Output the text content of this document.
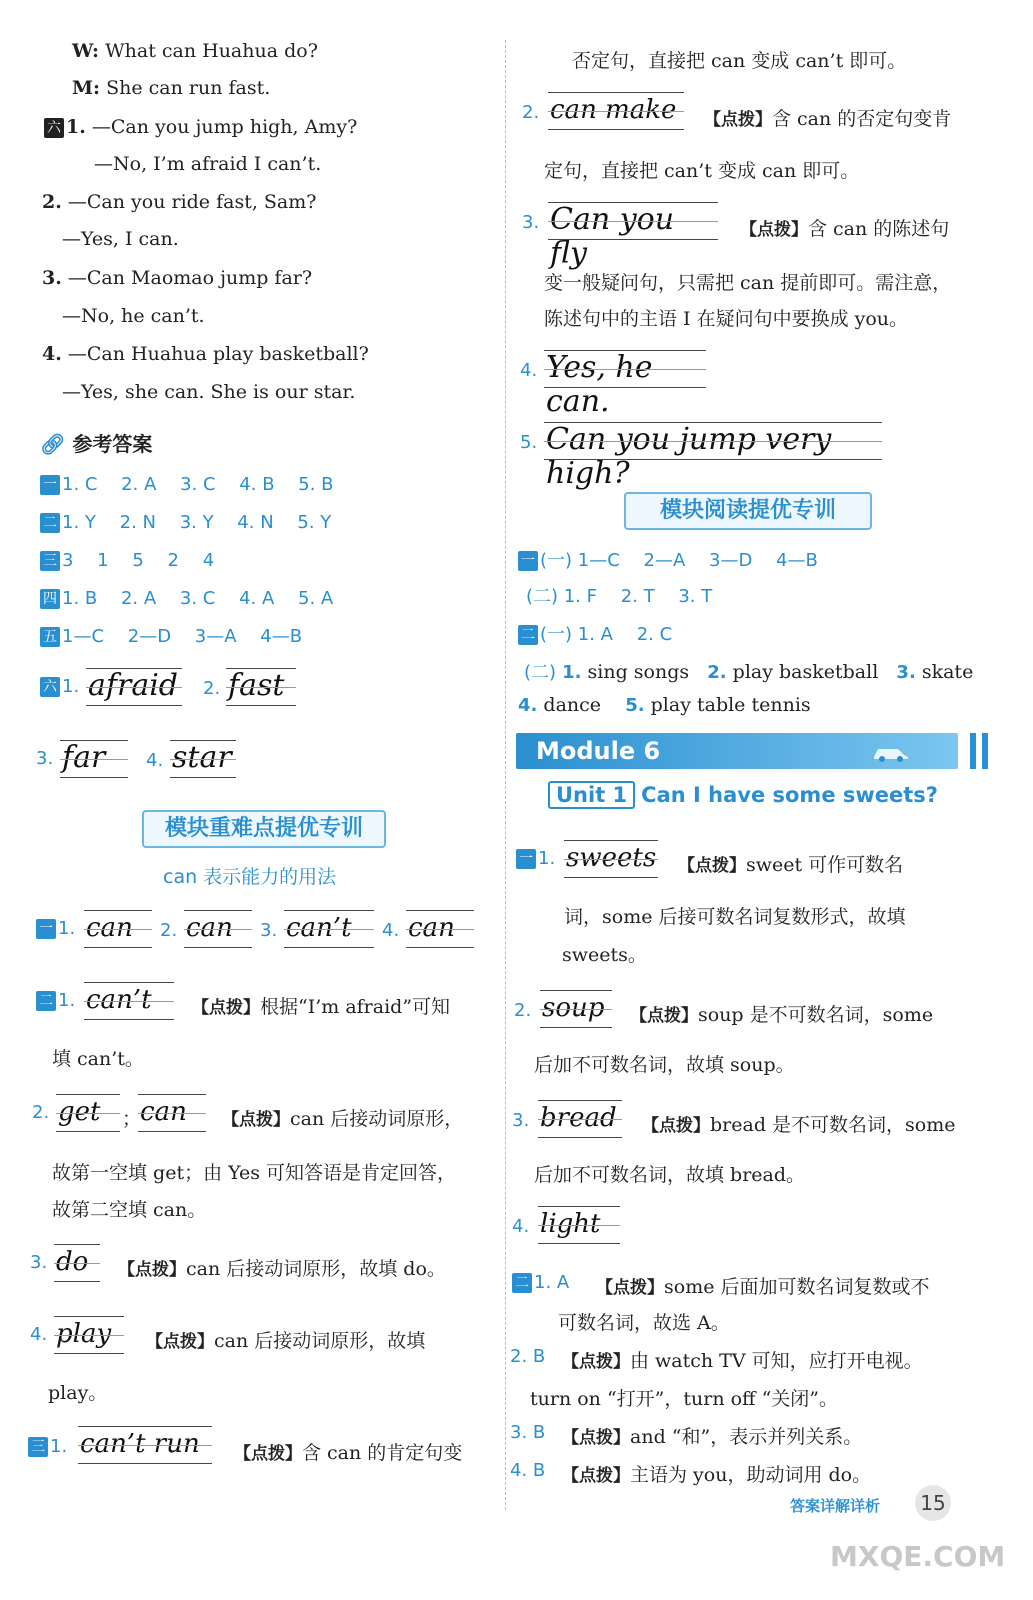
W: What can Huahua do?
M: She can run fast.
六 1. —Can you jump high, Amy?
—No, I’m afraid I can’t.
2. —Can you ride fast, Sam?
—Yes, I can.
3. —Can Maomao jump far?
—No, he can’t.
4. —Can Huahua play basketball?
—Yes, she can. She is our star.
🔗︎ 参考答案
一 1. C　 2. A　 3. C　 4. B　 5. B
二 1. Y　 2. N　 3. Y　 4. N　 5. Y
三 3　 1　 5　 2　 4
四 1. B　 2. A　 3. C　 4. A　 5. A
五 1—C　 2—D　 3—A　 4—B
六 1. afraid 2. fast
3. far	4. star
模块重难点提优专训
can 表示能力的用法
一 1. can	2. can	3. can’t	4. can
二 1. can’t	【点拨】根据“I’m afraid”可知
填 can’t。
2. get	；
can	【点拨】can 后接动词原形，
故第一空填 get；由 Yes 可知答语是肯定回答，
故第二空填 can。
3. do	【点拨】can 后接动词原形，故填 do。
4. play	【点拨】can 后接动词原形，故填
play。
三 1. can’t run	【点拨】含 can 的肯定句变
否定句，直接把 can 变成 can’t 即可。
2. can make	【点拨】含 can 的否定句变肯
定句，直接把 can’t 变成 can 即可。
3. Can you fly
【点拨】含 can 的陈述句
变一般疑问句，只需把 can 提前即可。需注意，
陈述句中的主语 I 在疑问句中要换成 you。
4. Yes, he can.
5. Can you jump very high?
模块阅读提优专训
一 (一) 1—C　 2—A　 3—D　 4—B
(二) 1. F　 2. T　 3. T
二 (一) 1. A　 2. C
(二) 1. sing songs 2. play basketball 3. skate
4. dance 5. play table tennis
Module 6
Unit 1 Can I have some sweets?
一 1. sweets 【点拨】sweet 可作可数名
词，some 后接可数名词复数形式，故填
sweets。
2. soup	【点拨】soup 是不可数名词，some
后加不可数名词，故填 soup。
3. bread	【点拨】bread 是不可数名词，some
后加不可数名词，故填 bread。
4. light
二 1. A 【点拨】some 后面加可数名词复数或不
可数名词，故选 A。
2. B 【点拨】由 watch TV 可知，应打开电视。
turn on “打开”，turn off “关闭”。
3. B 【点拨】and “和”，表示并列关系。
4. B 【点拨】主语为 you，助动词用 do。
答案详解详析 15
MXQE.COM
